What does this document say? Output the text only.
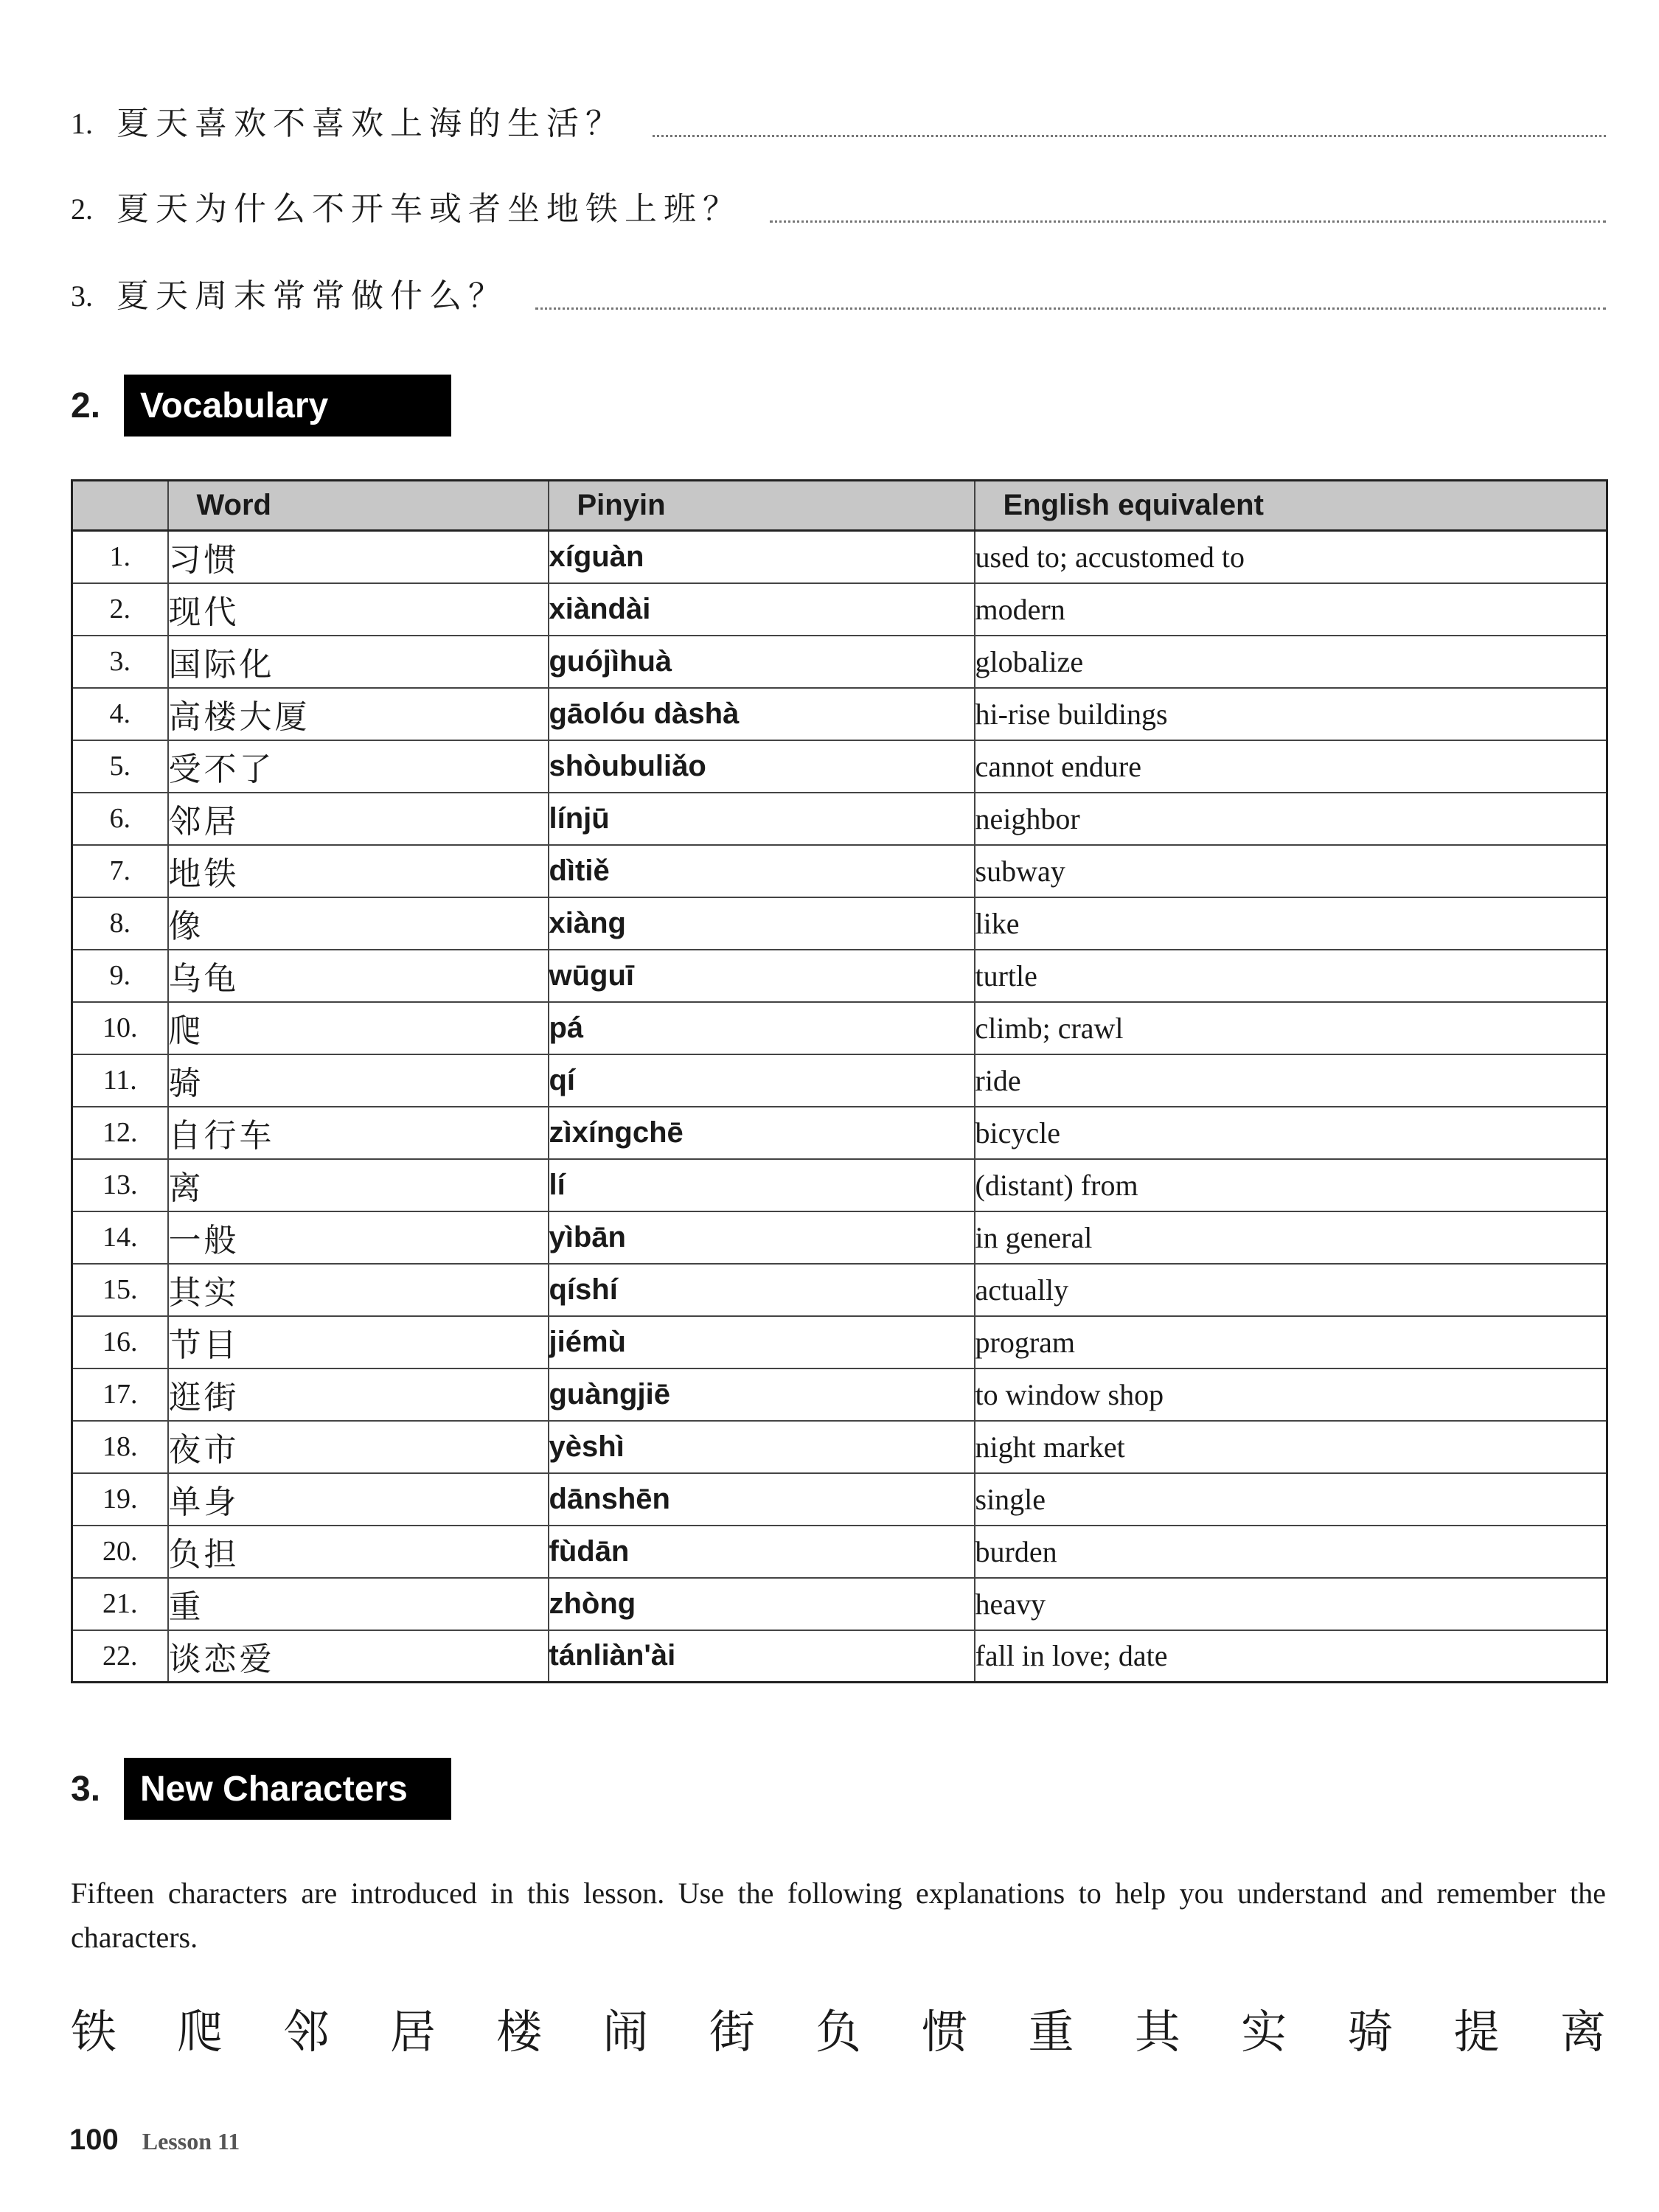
1. 夏天喜欢不喜欢上海的生活？
2. 夏天为什么不开车或者坐地铁上班？
3. 夏天周末常常做什么？
2.	Vocabulary
	Word	Pinyin	English equivalent
1.	习惯	xíguàn	used to; accustomed to
2.	现代	xiàndài	modern
3.	国际化	guójìhuà	globalize
4.	高楼大厦	gāolóu dàshà	hi-rise buildings
5.	受不了	shòubuliǎo	cannot endure
6.	邻居	línjū	neighbor
7.	地铁	dìtiě	subway
8.	像	xiàng	like
9.	乌龟	wūguī	turtle
10.	爬	pá	climb; crawl
11.	骑	qí	ride
12.	自行车	zìxíngchē	bicycle
13.	离	lí	(distant) from
14.	一般	yìbān	in general
15.	其实	qíshí	actually
16.	节目	jiémù	program
17.	逛街	guàngjiē	to window shop
18.	夜市	yèshì	night market
19.	单身	dānshēn	single
20.	负担	fùdān	burden
21.	重	zhòng	heavy
22.	谈恋爱	tánliàn'ài	fall in love; date
3.	New Characters
Fifteen characters are introduced in this lesson. Use the following explanations to help you understand and remember the characters.
铁 爬 邻 居 楼 闹 街 负 惯 重 其 实 骑 提 离
100 Lesson 11
